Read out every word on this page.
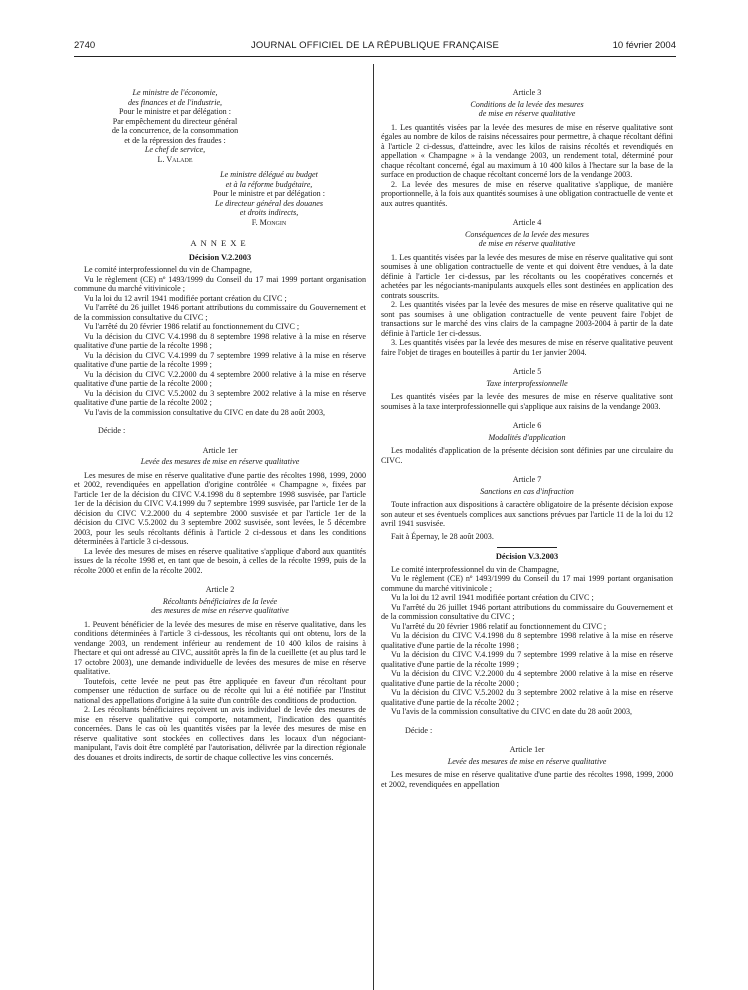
2740	JOURNAL OFFICIEL DE LA RÉPUBLIQUE FRANÇAISE	10 février 2004

Le ministre de l'économie,

des finances et de l'industrie,

Pour le ministre et par délégation :

Par empêchement du directeur général

de la concurrence, de la consommation

et de la répression des fraudes :

Le chef de service,

L. Valade

Le ministre délégué au budget

et à la réforme budgétaire,

Pour le ministre et par délégation :

Le directeur général des douanes

et droits indirects,

F. Mongin

ANNEXE

Décision V.2.2003

Le comité interprofessionnel du vin de Champagne,

Vu le règlement (CE) nº 1493/1999 du Conseil du 17 mai 1999 portant organisation commune du marché vitivinicole ;

Vu la loi du 12 avril 1941 modifiée portant création du CIVC ;

Vu l'arrêté du 26 juillet 1946 portant attributions du commissaire du Gouvernement et de la commission consultative du CIVC ;

Vu l'arrêté du 20 février 1986 relatif au fonctionnement du CIVC ;

Vu la décision du CIVC V.4.1998 du 8 septembre 1998 relative à la mise en réserve qualitative d'une partie de la récolte 1998 ;

Vu la décision du CIVC V.4.1999 du 7 septembre 1999 relative à la mise en réserve qualitative d'une partie de la récolte 1999 ;

Vu la décision du CIVC V.2.2000 du 4 septembre 2000 relative à la mise en réserve qualitative d'une partie de la récolte 2000 ;

Vu la décision du CIVC V.5.2002 du 3 septembre 2002 relative à la mise en réserve qualitative d'une partie de la récolte 2002 ;

Vu l'avis de la commission consultative du CIVC en date du 28 août 2003,

Décide :

Article 1er

Levée des mesures de mise en réserve qualitative

Les mesures de mise en réserve qualitative d'une partie des récoltes 1998, 1999, 2000 et 2002, revendiquées en appellation d'origine contrôlée « Champagne », fixées par l'article 1er de la décision du CIVC V.4.1998 du 8 septembre 1998 susvisée, par l'article 1er de la décision du CIVC V.4.1999 du 7 septembre 1999 susvisée, par l'article 1er de la décision du CIVC V.2.2000 du 4 septembre 2000 susvisée et par l'article 1er de la décision du CIVC V.5.2002 du 3 septembre 2002 susvisée, sont levées, le 5 décembre 2003, pour les seuls récoltants définis à l'article 2 ci-dessous et dans les conditions déterminées à l'article 3 ci-dessous.

La levée des mesures de mises en réserve qualitative s'applique d'abord aux quantités issues de la récolte 1998 et, en tant que de besoin, à celles de la récolte 1999, puis de la récolte 2000 et enfin de la récolte 2002.

Article 2

Récoltants bénéficiaires de la levée

des mesures de mise en réserve qualitative

1. Peuvent bénéficier de la levée des mesures de mise en réserve qualitative, dans les conditions déterminées à l'article 3 ci-dessous, les récoltants qui ont obtenu, lors de la vendange 2003, un rendement inférieur au rendement de 10 400 kilos de raisins à l'hectare et qui ont adressé au CIVC, aussitôt après la fin de la cueillette (et au plus tard le 17 octobre 2003), une demande individuelle de levées des mesures de mise en réserve qualitative.

Toutefois, cette levée ne peut pas être appliquée en faveur d'un récoltant pour compenser une réduction de surface ou de récolte qui lui a été notifiée par l'Institut national des appellations d'origine à la suite d'un contrôle des conditions de production.

2. Les récoltants bénéficiaires reçoivent un avis individuel de levée des mesures de mise en réserve qualitative qui comporte, notamment, l'indication des quantités concernées. Dans le cas où les quantités visées par la levée des mesures de mise en réserve qualitative sont stockées en collectives dans les locaux d'un négociant-manipulant, l'avis doit être complété par l'autorisation, délivrée par la direction régionale des douanes et droits indirects, de sortir de chaque collective les vins concernés.

Article 3

Conditions de la levée des mesures

de mise en réserve qualitative

1. Les quantités visées par la levée des mesures de mise en réserve qualitative sont égales au nombre de kilos de raisins nécessaires pour permettre, à chaque récoltant défini à l'article 2 ci-dessus, d'atteindre, avec les kilos de raisins récoltés et revendiqués en appellation « Champagne » à la vendange 2003, un rendement total, déterminé pour chaque récoltant concerné, égal au maximum à 10 400 kilos à l'hectare sur la base de la surface en production de chaque récoltant concerné lors de la vendange 2003.

2. La levée des mesures de mise en réserve qualitative s'applique, de manière proportionnelle, à la fois aux quantités soumises à une obligation contractuelle de vente et aux autres quantités.

Article 4

Conséquences de la levée des mesures

de mise en réserve qualitative

1. Les quantités visées par la levée des mesures de mise en réserve qualitative qui sont soumises à une obligation contractuelle de vente et qui doivent être vendues, à la date définie à l'article 1er ci-dessus, par les récoltants ou les coopératives concernés et achetées par les négociants-manipulants auxquels elles sont destinées en application des contrats souscrits.

2. Les quantités visées par la levée des mesures de mise en réserve qualitative qui ne sont pas soumises à une obligation contractuelle de vente peuvent faire l'objet de transactions sur le marché des vins clairs de la campagne 2003-2004 à partir de la date définie à l'article 1er ci-dessus.

3. Les quantités visées par la levée des mesures de mise en réserve qualitative peuvent faire l'objet de tirages en bouteilles à partir du 1er janvier 2004.

Article 5

Taxe interprofessionnelle

Les quantités visées par la levée des mesures de mise en réserve qualitative sont soumises à la taxe interprofessionnelle qui s'applique aux raisins de la vendange 2003.

Article 6

Modalités d'application

Les modalités d'application de la présente décision sont définies par une circulaire du CIVC.

Article 7

Sanctions en cas d'infraction

Toute infraction aux dispositions à caractère obligatoire de la présente décision expose son auteur et ses éventuels complices aux sanctions prévues par l'article 11 de la loi du 12 avril 1941 susvisée.

Fait à Épernay, le 28 août 2003.

Décision V.3.2003

Le comité interprofessionnel du vin de Champagne,

Vu le règlement (CE) nº 1493/1999 du Conseil du 17 mai 1999 portant organisation commune du marché vitivinicole ;

Vu la loi du 12 avril 1941 modifiée portant création du CIVC ;

Vu l'arrêté du 26 juillet 1946 portant attributions du commissaire du Gouvernement et de la commission consultative du CIVC ;

Vu l'arrêté du 20 février 1986 relatif au fonctionnement du CIVC ;

Vu la décision du CIVC V.4.1998 du 8 septembre 1998 relative à la mise en réserve qualitative d'une partie de la récolte 1998 ;

Vu la décision du CIVC V.4.1999 du 7 septembre 1999 relative à la mise en réserve qualitative d'une partie de la récolte 1999 ;

Vu la décision du CIVC V.2.2000 du 4 septembre 2000 relative à la mise en réserve qualitative d'une partie de la récolte 2000 ;

Vu la décision du CIVC V.5.2002 du 3 septembre 2002 relative à la mise en réserve qualitative d'une partie de la récolte 2002 ;

Vu l'avis de la commission consultative du CIVC en date du 28 août 2003,

Décide :

Article 1er

Levée des mesures de mise en réserve qualitative

Les mesures de mise en réserve qualitative d'une partie des récoltes 1998, 1999, 2000 et 2002, revendiquées en appellation
